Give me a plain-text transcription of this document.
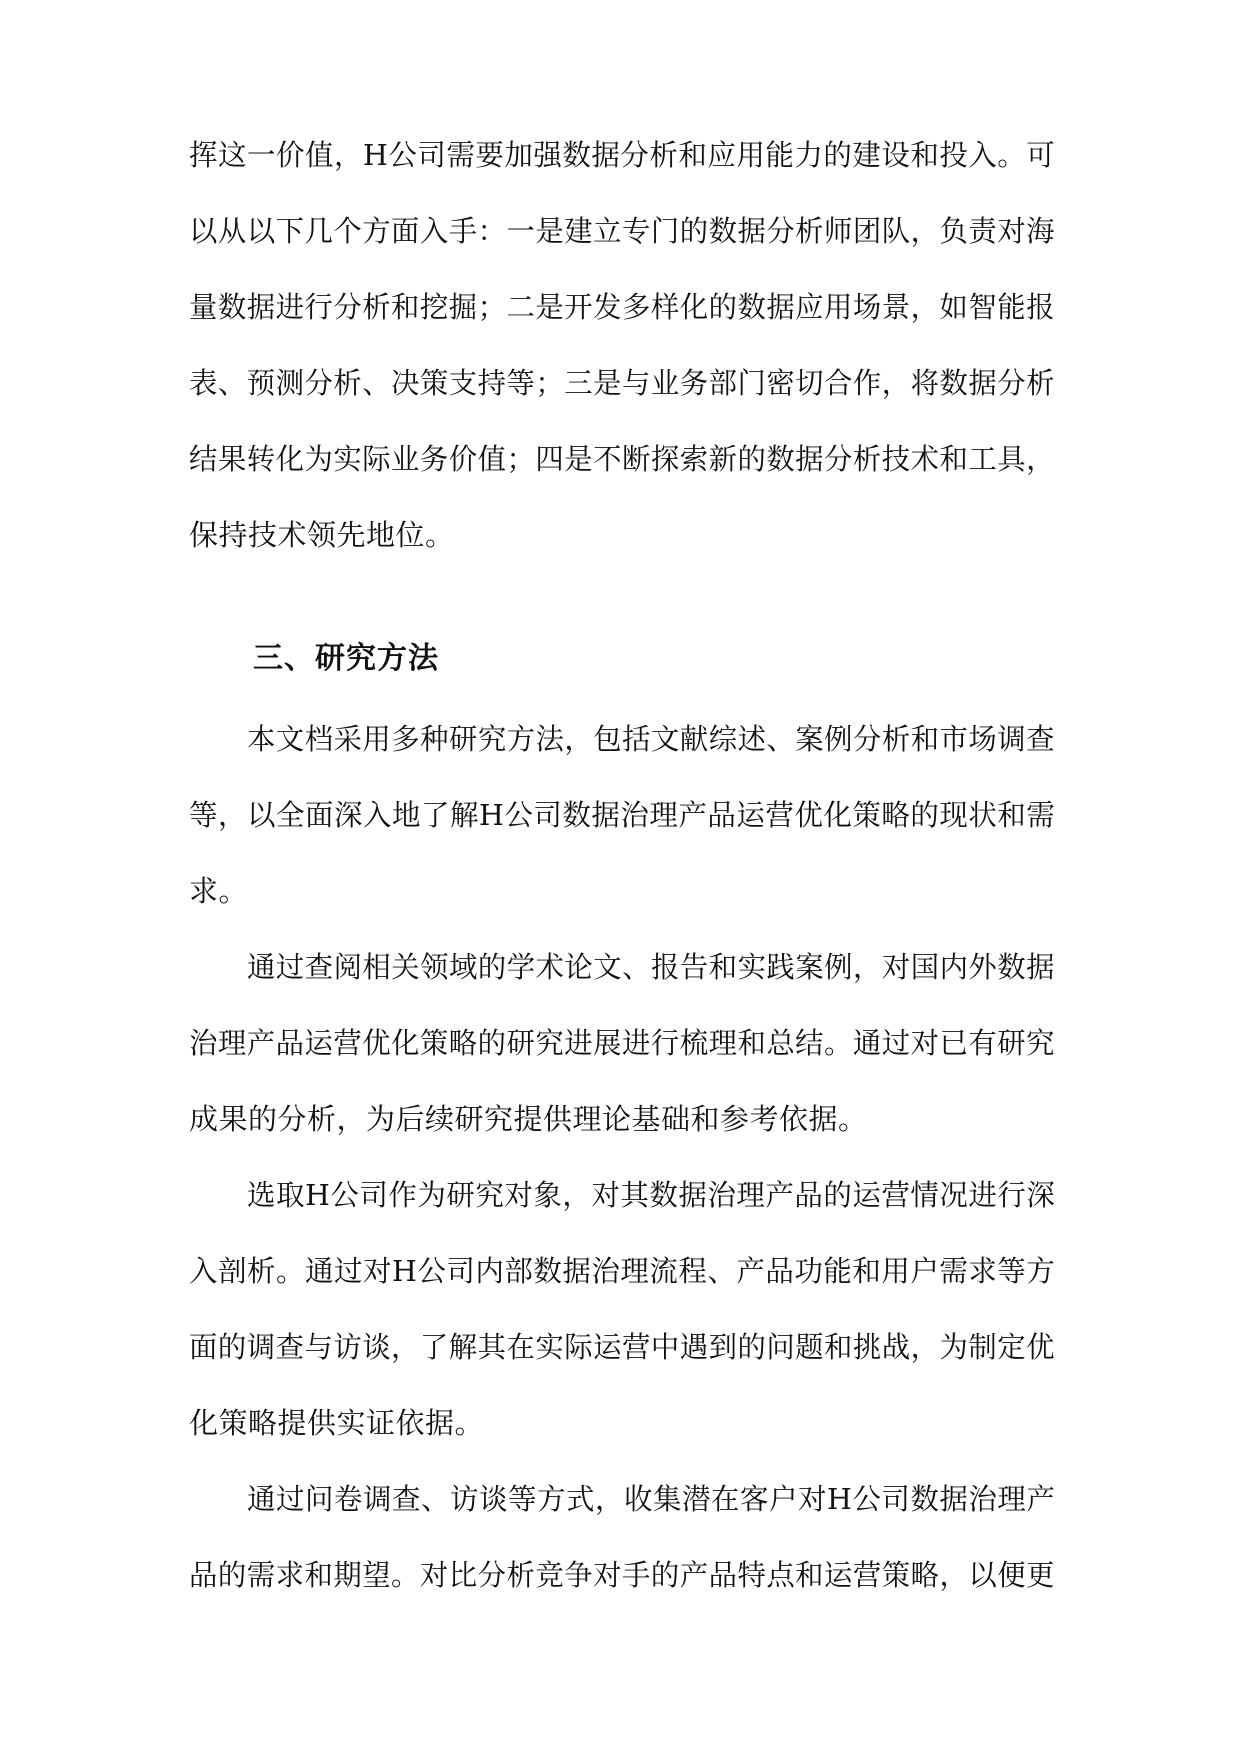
挥这一价值，H公司需要加强数据分析和应用能力的建设和投入。可
以从以下几个方面入手：一是建立专门的数据分析师团队，负责对海
量数据进行分析和挖掘；二是开发多样化的数据应用场景，如智能报
表、预测分析、决策支持等；三是与业务部门密切合作，将数据分析
结果转化为实际业务价值；四是不断探索新的数据分析技术和工具，
保持技术领先地位。
三、研究方法
本文档采用多种研究方法，包括文献综述、案例分析和市场调查
等，以全面深入地了解H公司数据治理产品运营优化策略的现状和需
求。
通过查阅相关领域的学术论文、报告和实践案例，对国内外数据
治理产品运营优化策略的研究进展进行梳理和总结。通过对已有研究
成果的分析，为后续研究提供理论基础和参考依据。
选取H公司作为研究对象，对其数据治理产品的运营情况进行深
入剖析。通过对H公司内部数据治理流程、产品功能和用户需求等方
面的调查与访谈，了解其在实际运营中遇到的问题和挑战，为制定优
化策略提供实证依据。
通过问卷调查、访谈等方式，收集潜在客户对H公司数据治理产
品的需求和期望。对比分析竞争对手的产品特点和运营策略，以便更
